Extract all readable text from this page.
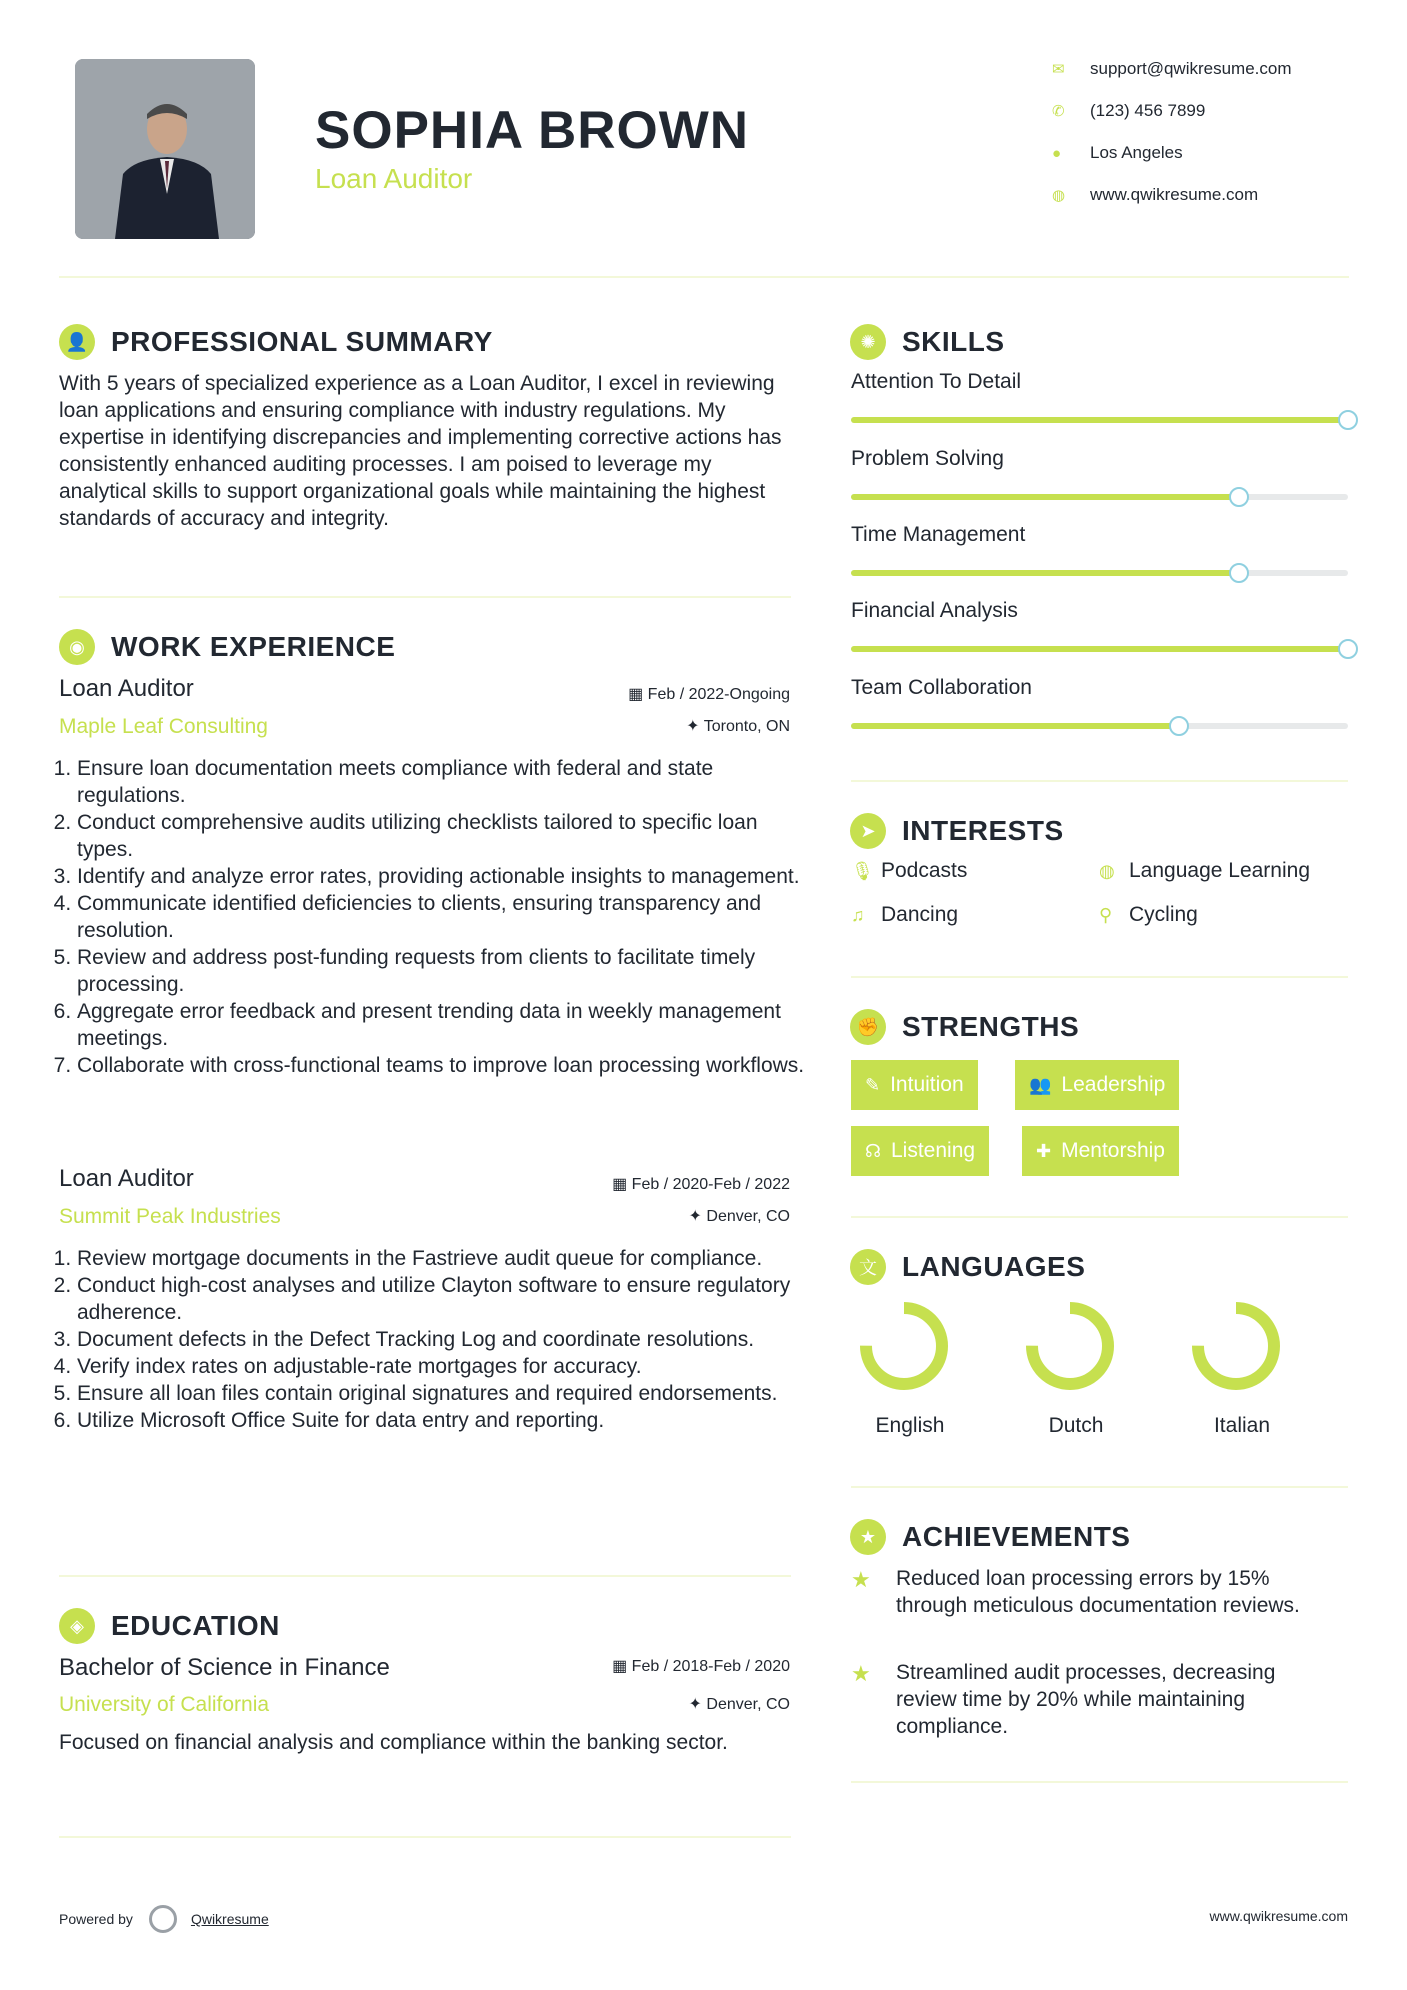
SOPHIA BROWN
Loan Auditor
✉	support@qwikresume.com
✆	(123) 456 7899
●	Los Angeles
◍	www.qwikresume.com
👤 PROFESSIONAL SUMMARY
With 5 years of specialized experience as a Loan Auditor, I excel in reviewing loan applications and ensuring compliance with industry regulations. My expertise in identifying discrepancies and implementing corrective actions has consistently enhanced auditing processes. I am poised to leverage my analytical skills to support organizational goals while maintaining the highest standards of accuracy and integrity.
◉ WORK EXPERIENCE
Loan Auditor	▦ Feb / 2022-Ongoing
Maple Leaf Consulting	✦ Toronto, ON
1. Ensure loan documentation meets compliance with federal and state regulations.
2. Conduct comprehensive audits utilizing checklists tailored to specific loan types.
3. Identify and analyze error rates, providing actionable insights to management.
4. Communicate identified deficiencies to clients, ensuring transparency and resolution.
5. Review and address post-funding requests from clients to facilitate timely processing.
6. Aggregate error feedback and present trending data in weekly management meetings.
7. Collaborate with cross-functional teams to improve loan processing workflows.
Loan Auditor	▦ Feb / 2020-Feb / 2022
Summit Peak Industries	✦ Denver, CO
1. Review mortgage documents in the Fastrieve audit queue for compliance.
2. Conduct high-cost analyses and utilize Clayton software to ensure regulatory adherence.
3. Document defects in the Defect Tracking Log and coordinate resolutions.
4. Verify index rates on adjustable-rate mortgages for accuracy.
5. Ensure all loan files contain original signatures and required endorsements.
6. Utilize Microsoft Office Suite for data entry and reporting.
◈ EDUCATION
Bachelor of Science in Finance	▦ Feb / 2018-Feb / 2020
University of California	✦ Denver, CO
Focused on financial analysis and compliance within the banking sector.
✺ SKILLS
Attention To Detail
Problem Solving
Time Management
Financial Analysis
Team Collaboration
➤ INTERESTS
🎙 Podcasts	◍ Language Learning
♫ Dancing	⚲ Cycling
✊ STRENGTHS
✎ Intuition	👥 Leadership
☊ Listening	✚ Mentorship
文 LANGUAGES
English	Dutch	Italian
★ ACHIEVEMENTS
★	Reduced loan processing errors by 15% through meticulous documentation reviews.
★	Streamlined audit processes, decreasing review time by 20% while maintaining compliance.
Powered by	Qwikresume	www.qwikresume.com
